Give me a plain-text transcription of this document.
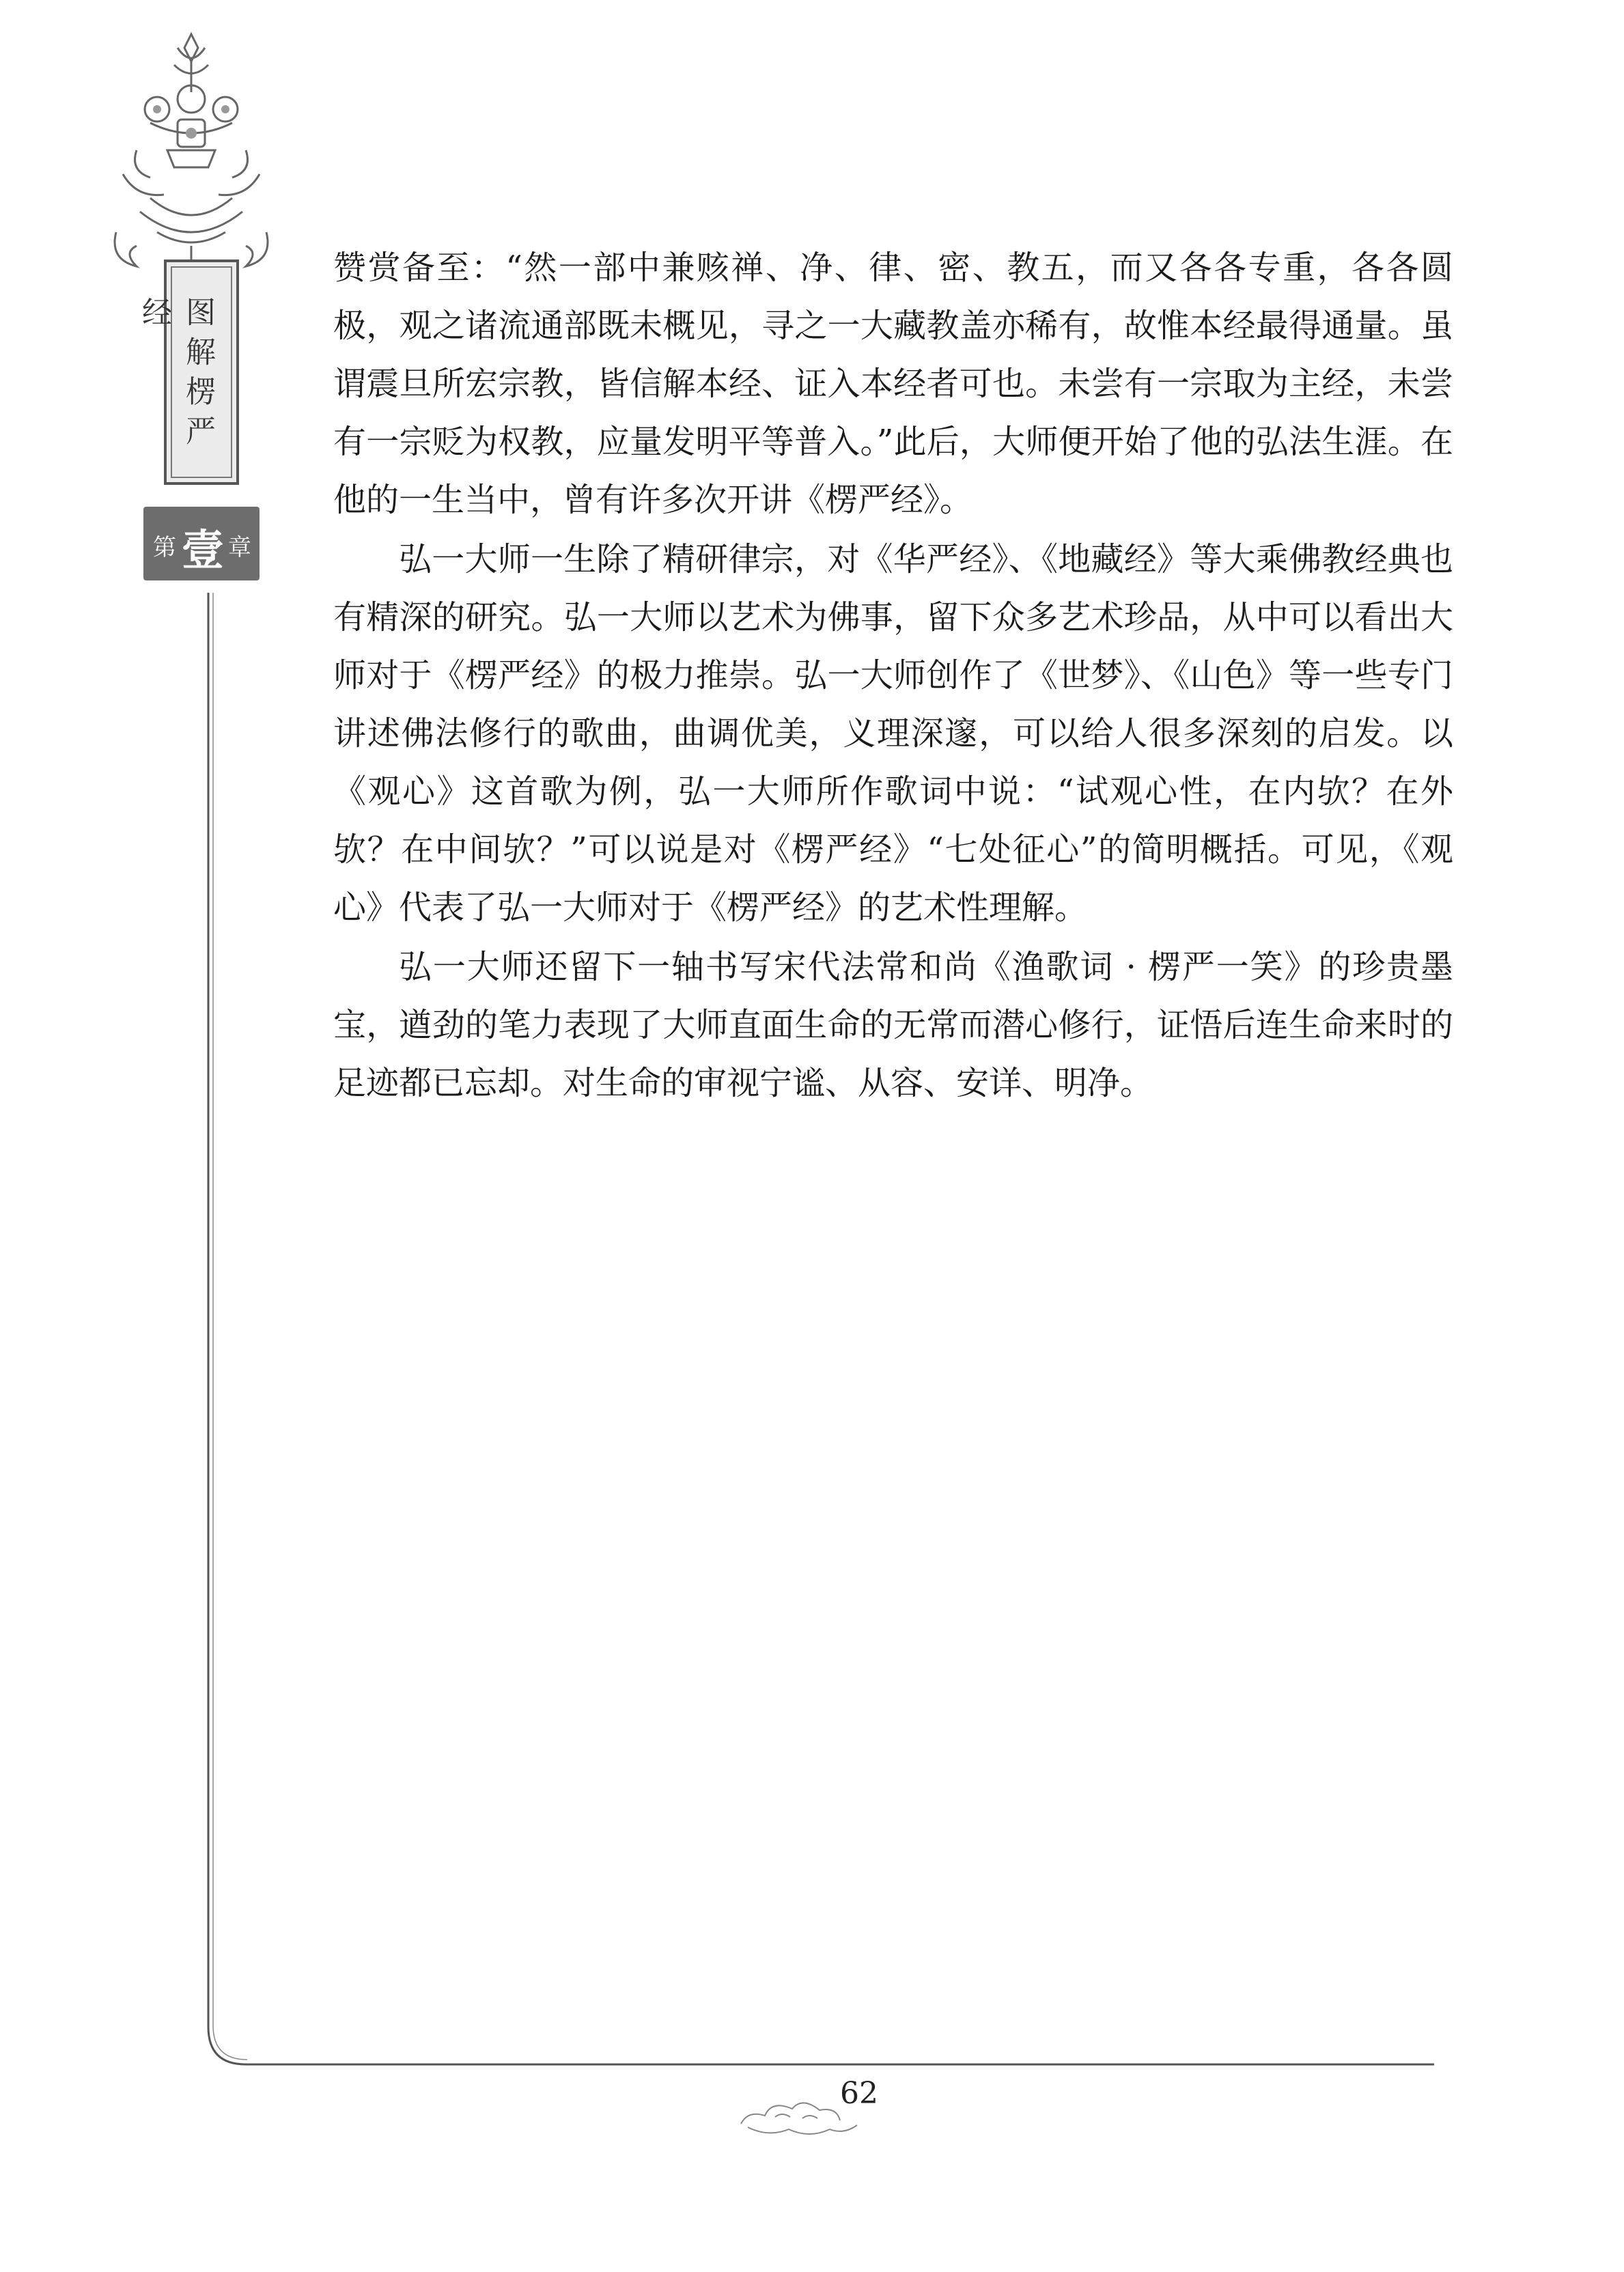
图解楞严经
第 壹 章

赞赏备至：“然一部中兼赅禅、净、律、密、教五，而又各各专重，各各圆极，观之诸流通部既未概见，寻之一大藏教盖亦稀有，故惟本经最得通量。虽谓震旦所宏宗教，皆信解本经、证入本经者可也。未尝有一宗取为主经，未尝有一宗贬为权教，应量发明平等普入。”此后，大师便开始了他的弘法生涯。在他的一生当中，曾有许多次开讲《楞严经》。

弘一大师一生除了精研律宗，对《华严经》、《地藏经》等大乘佛教经典也有精深的研究。弘一大师以艺术为佛事，留下众多艺术珍品，从中可以看出大师对于《楞严经》的极力推崇。弘一大师创作了《世梦》、《山色》等一些专门讲述佛法修行的歌曲，曲调优美，义理深邃，可以给人很多深刻的启发。以《观心》这首歌为例，弘一大师所作歌词中说：“试观心性，在内欤？在外欤？在中间欤？”可以说是对《楞严经》“七处征心”的简明概括。可见，《观心》代表了弘一大师对于《楞严经》的艺术性理解。

弘一大师还留下一轴书写宋代法常和尚《渔歌词 · 楞严一笑》的珍贵墨宝，遒劲的笔力表现了大师直面生命的无常而潜心修行，证悟后连生命来时的足迹都已忘却。对生命的审视宁谧、从容、安详、明净。

62
